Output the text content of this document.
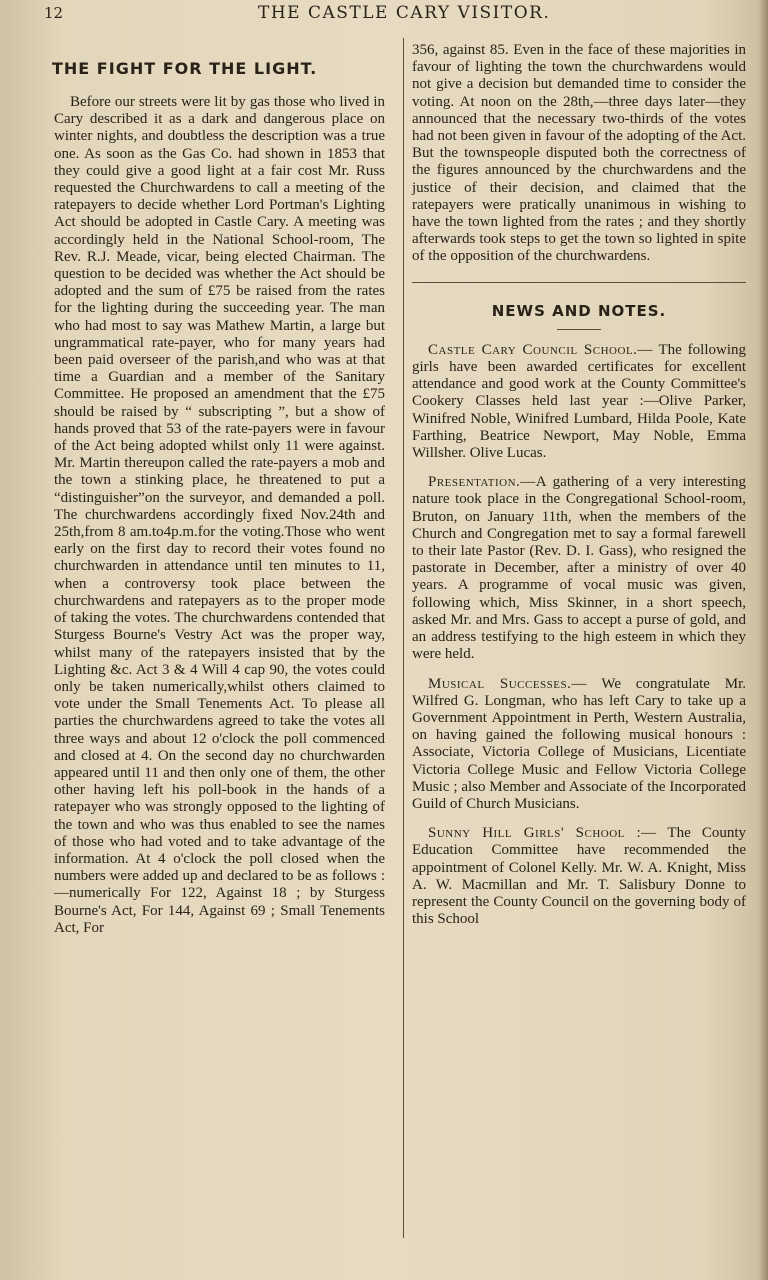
12	THE CASTLE CARY VISITOR.
THE FIGHT FOR THE LIGHT.

Before our streets were lit by gas those who lived in Cary described it as a dark and dangerous place on winter nights, and doubtless the description was a true one. As soon as the Gas Co. had shown in 1853 that they could give a good light at a fair cost Mr. Russ requested the Churchwardens to call a meeting of the ratepayers to decide whether Lord Portman's Lighting Act should be adopted in Castle Cary. A meeting was accordingly held in the National School-room, The Rev. R.J. Meade, vicar, being elected Chairman. The question to be decided was whether the Act should be adopted and the sum of £75 be raised from the rates for the lighting during the succeeding year. The man who had most to say was Mathew Martin, a large but ungrammatical rate-payer, who for many years had been paid overseer of the parish,and who was at that time a Guardian and a member of the Sanitary Committee. He proposed an amendment that the £75 should be raised by “ subscripting ”, but a show of hands proved that 53 of the rate-payers were in favour of the Act being adopted whilst only 11 were against. Mr. Martin thereupon called the rate-payers a mob and the town a stinking place, he threatened to put a “distinguisher”on the surveyor, and demanded a poll. The churchwardens accordingly fixed Nov.24th and 25th,from 8 am.to4p.m.for the voting.Those who went early on the first day to record their votes found no churchwarden in attendance until ten minutes to 11, when a controversy took place between the churchwardens and ratepayers as to the proper mode of taking the votes. The churchwardens contended that Sturgess Bourne's Vestry Act was the proper way, whilst many of the ratepayers insisted that by the Lighting &c. Act 3 & 4 Will 4 cap 90, the votes could only be taken numerically,whilst others claimed to vote under the Small Tenements Act. To please all parties the churchwardens agreed to take the votes all three ways and about 12 o'clock the poll commenced and closed at 4. On the second day no churchwarden appeared until 11 and then only one of them, the other other having left his poll-book in the hands of a ratepayer who was strongly opposed to the lighting of the town and who was thus enabled to see the names of those who had voted and to take advantage of the information. At 4 o'clock the poll closed when the numbers were added up and declared to be as follows :—numerically For 122, Against 18 ; by Sturgess Bourne's Act, For 144, Against 69 ; Small Tenements Act, For

356, against 85. Even in the face of these majorities in favour of lighting the town the churchwardens would not give a decision but demanded time to consider the voting. At noon on the 28th,—three days later—they announced that the necessary two-thirds of the votes had not been given in favour of the adopting of the Act. But the townspeople disputed both the correctness of the figures announced by the churchwardens and the justice of their decision, and claimed that the ratepayers were pratically unanimous in wishing to have the town lighted from the rates ; and they shortly afterwards took steps to get the town so lighted in spite of the opposition of the churchwardens.

NEWS AND NOTES.

Castle Cary Council School.— The following girls have been awarded certificates for excellent attendance and good work at the County Committee's Cookery Classes held last year :—Olive Parker, Winifred Noble, Winifred Lumbard, Hilda Poole, Kate Farthing, Beatrice Newport, May Noble, Emma Willsher. Olive Lucas.

Presentation.—A gathering of a very interesting nature took place in the Congregational School-room, Bruton, on January 11th, when the members of the Church and Congregation met to say a formal farewell to their late Pastor (Rev. D. I. Gass), who resigned the pastorate in December, after a ministry of over 40 years. A programme of vocal music was given, following which, Miss Skinner, in a short speech, asked Mr. and Mrs. Gass to accept a purse of gold, and an address testifying to the high esteem in which they were held.

Musical Successes.— We congratulate Mr. Wilfred G. Longman, who has left Cary to take up a Government Appointment in Perth, Western Australia, on having gained the following musical honours : Associate, Victoria College of Musicians, Licentiate Victoria College Music and Fellow Victoria College Music ; also Member and Associate of the Incorporated Guild of Church Musicians.

Sunny Hill Girls' School :— The County Education Committee have recommended the appointment of Colonel Kelly. Mr. W. A. Knight, Miss A. W. Macmillan and Mr. T. Salisbury Donne to represent the County Council on the governing body of this School
